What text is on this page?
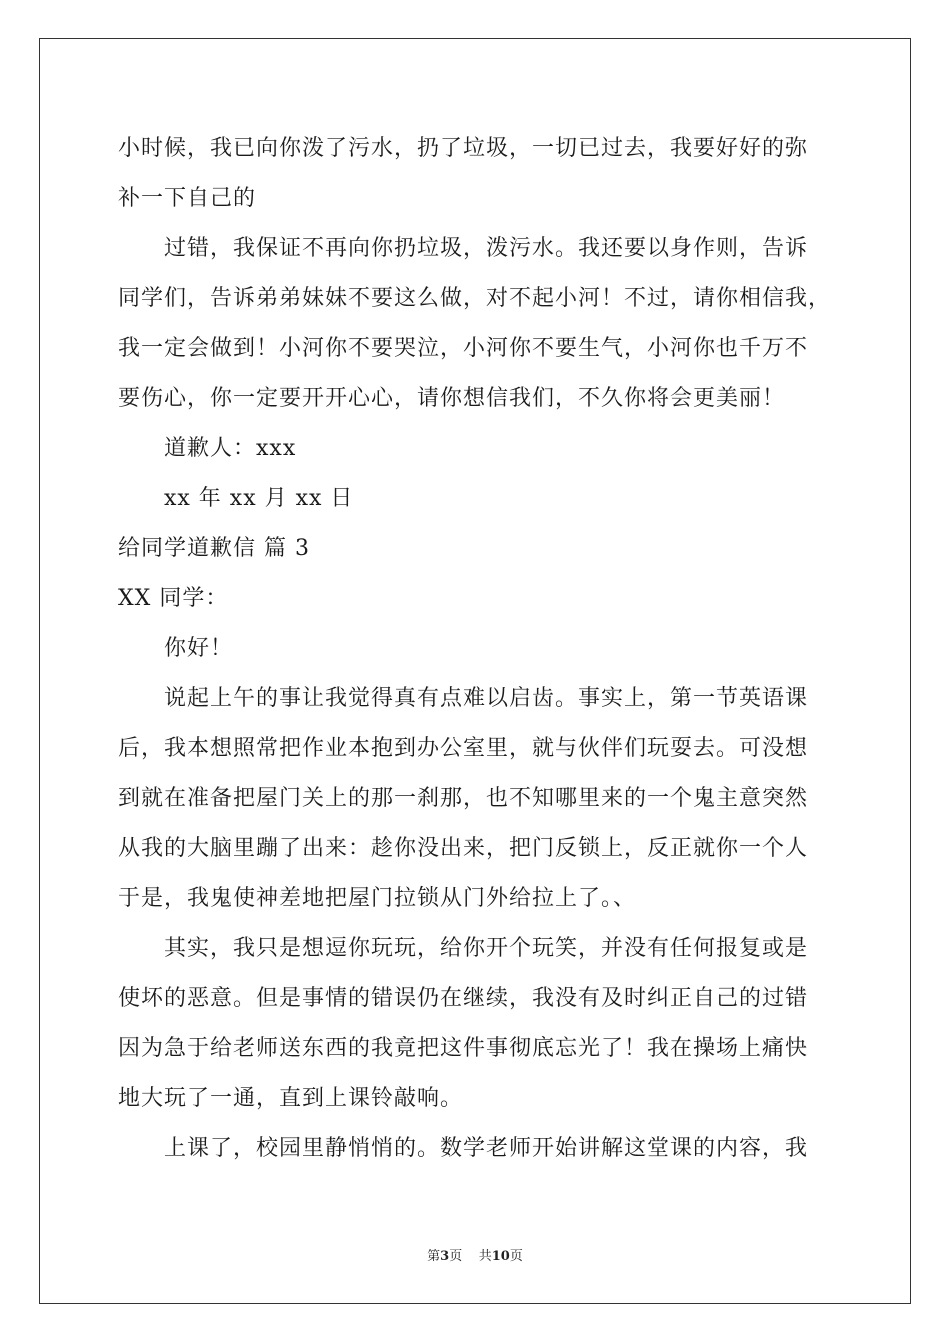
小时候，我已向你泼了污水，扔了垃圾，一切已过去，我要好好的弥
补一下自己的
过错，我保证不再向你扔垃圾，泼污水。我还要以身作则，告诉
同学们，告诉弟弟妹妹不要这么做，对不起小河！不过，请你相信我，
我一定会做到！小河你不要哭泣，小河你不要生气，小河你也千万不
要伤心，你一定要开开心心，请你想信我们，不久你将会更美丽！
道歉人：xxx
xx 年 xx 月 xx 日
给同学道歉信 篇 3
XX 同学：
你好！
说起上午的事让我觉得真有点难以启齿。事实上，第一节英语课
后，我本想照常把作业本抱到办公室里，就与伙伴们玩耍去。可没想
到就在准备把屋门关上的那一刹那，也不知哪里来的一个鬼主意突然
从我的大脑里蹦了出来：趁你没出来，把门反锁上，反正就你一个人
于是，我鬼使神差地把屋门拉锁从门外给拉上了。、
其实，我只是想逗你玩玩，给你开个玩笑，并没有任何报复或是
使坏的恶意。但是事情的错误仍在继续，我没有及时纠正自己的过错
因为急于给老师送东西的我竟把这件事彻底忘光了！我在操场上痛快
地大玩了一通，直到上课铃敲响。
上课了，校园里静悄悄的。数学老师开始讲解这堂课的内容，我
第3页 共10页
